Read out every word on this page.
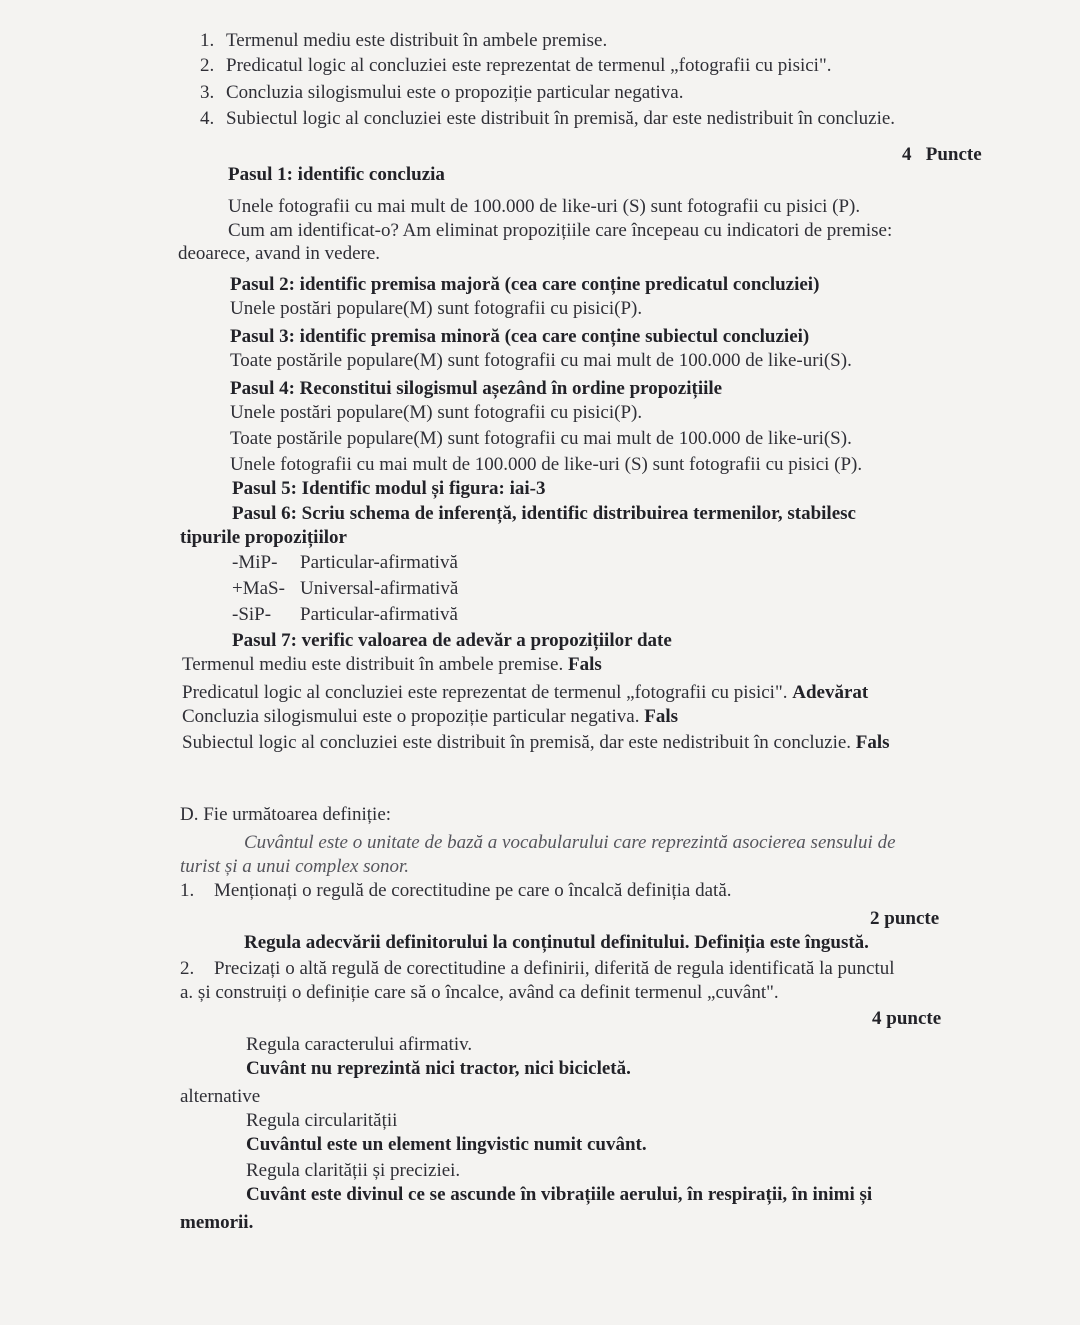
1. Termenul mediu este distribuit în ambele premise.
2. Predicatul logic al concluziei este reprezentat de termenul „fotografii cu pisici".
3. Concluzia silogismului este o propoziție particular negativa.
4. Subiectul logic al concluziei este distribuit în premisă, dar este nedistribuit în concluzie.
4   Puncte
Pasul 1: identific concluzia
Unele fotografii cu mai mult de 100.000 de like-uri (S) sunt fotografii cu pisici (P).
Cum am identificat-o? Am eliminat propozițiile care începeau cu indicatori de premise:
deoarece, avand in vedere.
Pasul 2: identific premisa majoră (cea care conține predicatul concluziei)
Unele postări populare(M) sunt fotografii cu pisici(P).
Pasul 3: identific premisa minoră (cea care conține subiectul concluziei)
Toate postările populare(M) sunt fotografii cu mai mult de 100.000 de like-uri(S).
Pasul 4: Reconstitui silogismul așezând în ordine propozițiile
Unele postări populare(M) sunt fotografii cu pisici(P).
Toate postările populare(M) sunt fotografii cu mai mult de 100.000 de like-uri(S).
Unele fotografii cu mai mult de 100.000 de like-uri (S) sunt fotografii cu pisici (P).
Pasul 5: Identific modul și figura: iai-3
Pasul 6: Scriu schema de inferență, identific distribuirea termenilor, stabilesc
tipurile propozițiilor
-MiP- Particular-afirmativă
+MaS- Universal-afirmativă
-SiP- Particular-afirmativă
Pasul 7: verific valoarea de adevăr a propozițiilor date
Termenul mediu este distribuit în ambele premise. Fals
Predicatul logic al concluziei este reprezentat de termenul „fotografii cu pisici". Adevărat
Concluzia silogismului este o propoziție particular negativa. Fals
Subiectul logic al concluziei este distribuit în premisă, dar este nedistribuit în concluzie. Fals
D. Fie următoarea definiție:
Cuvântul este o unitate de bază a vocabularului care reprezintă asocierea sensului de
turist și a unui complex sonor.
1. Menționați o regulă de corectitudine pe care o încalcă definiția dată.
2 puncte
Regula adecvării definitorului la conținutul definitului. Definiția este îngustă.
2. Precizați o altă regulă de corectitudine a definirii, diferită de regula identificată la punctul
a. și construiți o definiție care să o încalce, având ca definit termenul „cuvânt".
4 puncte
Regula caracterului afirmativ.
Cuvânt nu reprezintă nici tractor, nici bicicletă.
alternative
Regula circularității
Cuvântul este un element lingvistic numit cuvânt.
Regula clarității și preciziei.
Cuvânt este divinul ce se ascunde în vibrațiile aerului, în respirații, în inimi și
memorii.
